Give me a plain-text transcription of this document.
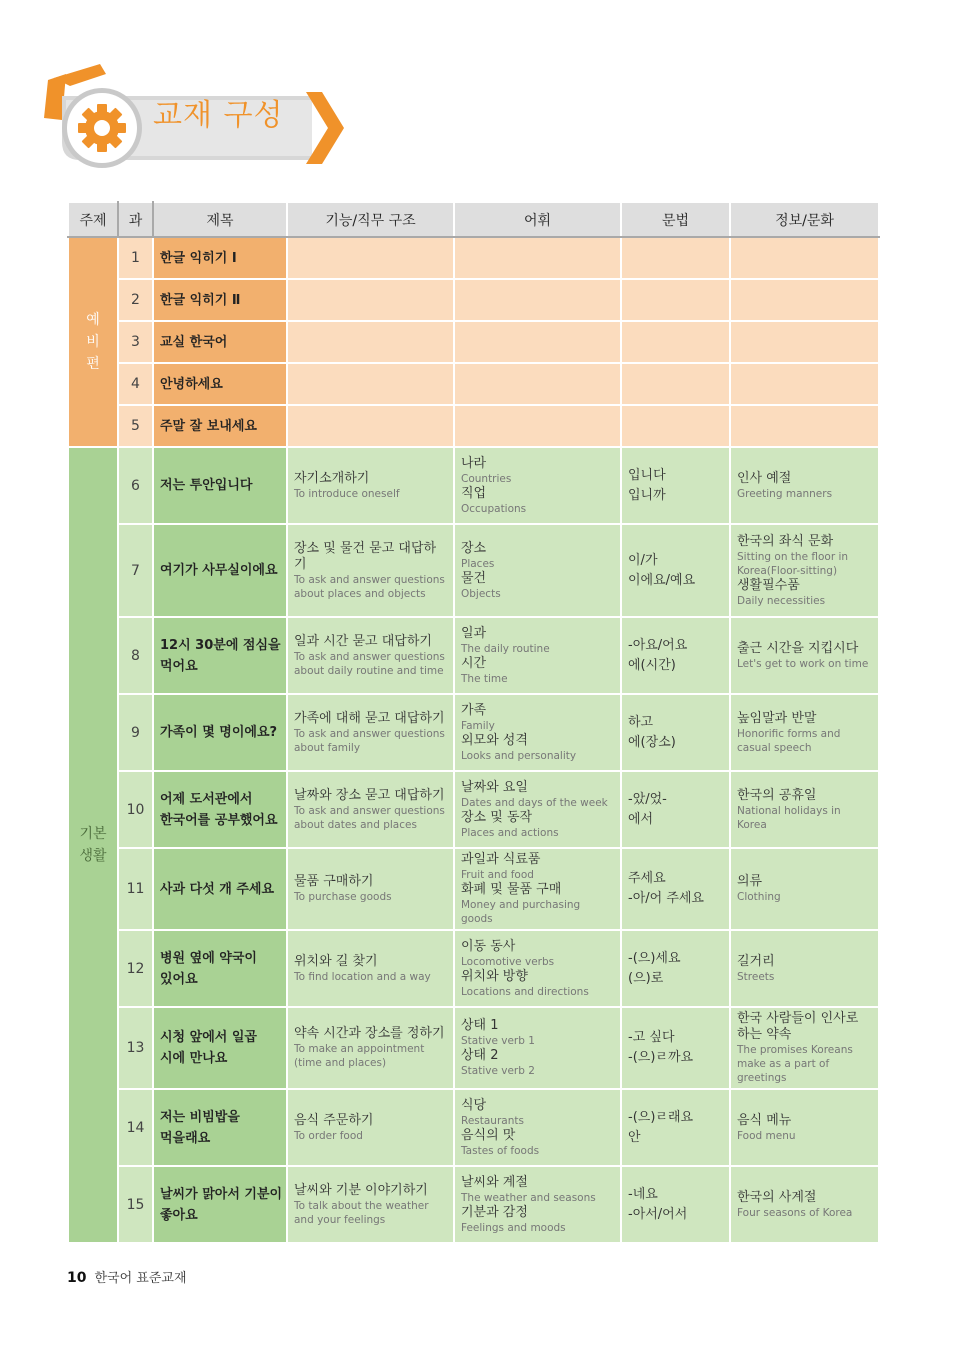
교재 구성
주제	과	제목	기능/직무 구조	어휘	문법	정보/문화

예
비
편	1	한글 익히기 Ⅰ				
	2	한글 익히기 Ⅱ				
	3	교실 한국어				
	4	안녕하세요				
	5	주말 잘 보내세요				

기본
생활	6	저는 투안입니다	자기소개하기
To introduce oneself	나라
Countries
직업
Occupations	입니다
입니까	인사 예절
Greeting manners

	7	여기가 사무실이에요	장소 및 물건 묻고 대답하기
To ask and answer questions about places and objects	장소
Places
물건
Objects	이/가
이에요/예요	한국의 좌식 문화
Sitting on the floor in Korea(Floor-sitting)
생활필수품
Daily necessities

	8	12시 30분에 점심을
먹어요	일과 시간 묻고 대답하기
To ask and answer questions about daily routine and time	일과
The daily routine
시간
The time	-아요/어요
에(시간)	출근 시간을 지킵시다
Let's get to work on time

	9	가족이 몇 명이에요?	가족에 대해 묻고 대답하기
To ask and answer questions about family	가족
Family
외모와 성격
Looks and personality	하고
에(장소)	높임말과 반말
Honorific forms and casual speech

	10	어제 도서관에서
한국어를 공부했어요	날짜와 장소 묻고 대답하기
To ask and answer questions about dates and places	날짜와 요일
Dates and days of the week
장소 및 동작
Places and actions	-았/었-
에서	한국의 공휴일
National holidays in Korea

	11	사과 다섯 개 주세요	물품 구매하기
To purchase goods	과일과 식료품
Fruit and food
화폐 및 물품 구매
Money and purchasing goods	주세요
-아/어 주세요	의류
Clothing

	12	병원 옆에 약국이
있어요	위치와 길 찾기
To find location and a way	이동 동사
Locomotive verbs
위치와 방향
Locations and directions	-(으)세요
(으)로	길거리
Streets

	13	시청 앞에서 일곱
시에 만나요	약속 시간과 장소를 정하기
To make an appointment (time and places)	상태 1
Stative verb 1
상태 2
Stative verb 2	-고 싶다
-(으)ㄹ까요	한국 사람들이 인사로 하는 약속
The promises Koreans make as a part of greetings

	14	저는 비빔밥을
먹을래요	음식 주문하기
To order food	식당
Restaurants
음식의 맛
Tastes of foods	-(으)ㄹ래요
안	음식 메뉴
Food menu

	15	날씨가 맑아서 기분이
좋아요	날씨와 기분 이야기하기
To talk about the weather and your feelings	날씨와 계절
The weather and seasons
기분과 감정
Feelings and moods	-네요
-아서/어서	한국의 사계절
Four seasons of Korea
10 한국어 표준교재
